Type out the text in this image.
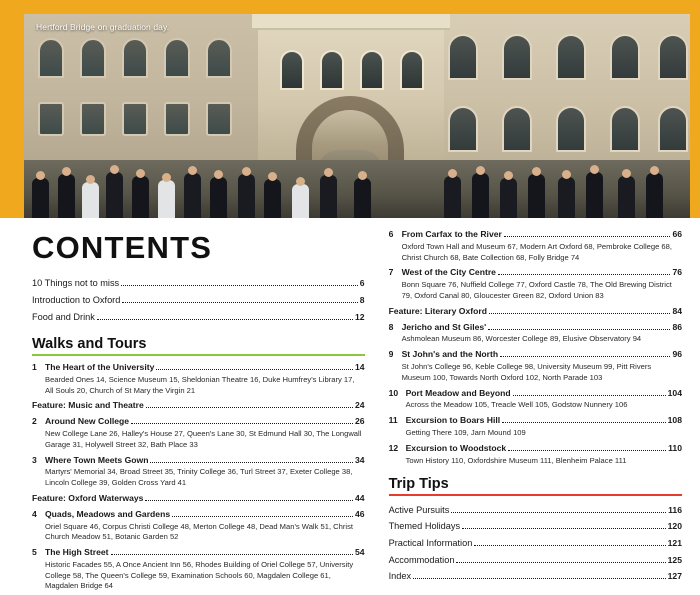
Hertford Bridge on graduation day.
CONTENTS
10 Things not to miss	6
Introduction to Oxford	8
Food and Drink	12
Walks and Tours
1 The Heart of the University	14
Bearded Ones 14, Science Museum 15, Sheldonian Theatre 16, Duke Humfrey's Library 17, All Souls 20, Church of St Mary the Virgin 21
Feature: Music and Theatre	24
2 Around New College	26
New College Lane 26, Halley's House 27, Queen's Lane 30, St Edmund Hall 30, The Longwall Garage 31, Holywell Street 32, Bath Place 33
3 Where Town Meets Gown	34
Martyrs' Memorial 34, Broad Street 35, Trinity College 36, Turl Street 37, Exeter College 38, Lincoln College 39, Golden Cross Yard 41
Feature: Oxford Waterways	44
4 Quads, Meadows and Gardens	46
Oriel Square 46, Corpus Christi College 48, Merton College 48, Dead Man's Walk 51, Christ Church Meadow 51, Botanic Garden 52
5 The High Street	54
Historic Facades 55, A Once Ancient Inn 56, Rhodes Building of Oriel College 57, University College 58, The Queen's College 59, Examination Schools 60, Magdalen College 61, Magdalen Bridge 64
6 From Carfax to the River	66
Oxford Town Hall and Museum 67, Modern Art Oxford 68, Pembroke College 68, Christ Church 68, Bate Collection 68, Folly Bridge 74
7 West of the City Centre	76
Bonn Square 76, Nuffield College 77, Oxford Castle 78, The Old Brewing District 79, Oxford Canal 80, Gloucester Green 82, Oxford Union 83
Feature: Literary Oxford	84
8 Jericho and St Giles'	86
Ashmolean Museum 86, Worcester College 89, Elusive Observatory 94
9 St John's and the North	96
St John's College 96, Keble College 98, University Museum 99, Pitt Rivers Museum 100, Towards North Oxford 102, North Parade 103
10 Port Meadow and Beyond	104
Across the Meadow 105, Treacle Well 105, Godstow Nunnery 106
11 Excursion to Boars Hill	108
Getting There 109, Jarn Mound 109
12 Excursion to Woodstock	110
Town History 110, Oxfordshire Museum 111, Blenheim Palace 111
Trip Tips
Active Pursuits	116
Themed Holidays	120
Practical Information	121
Accommodation	125
Index	127
